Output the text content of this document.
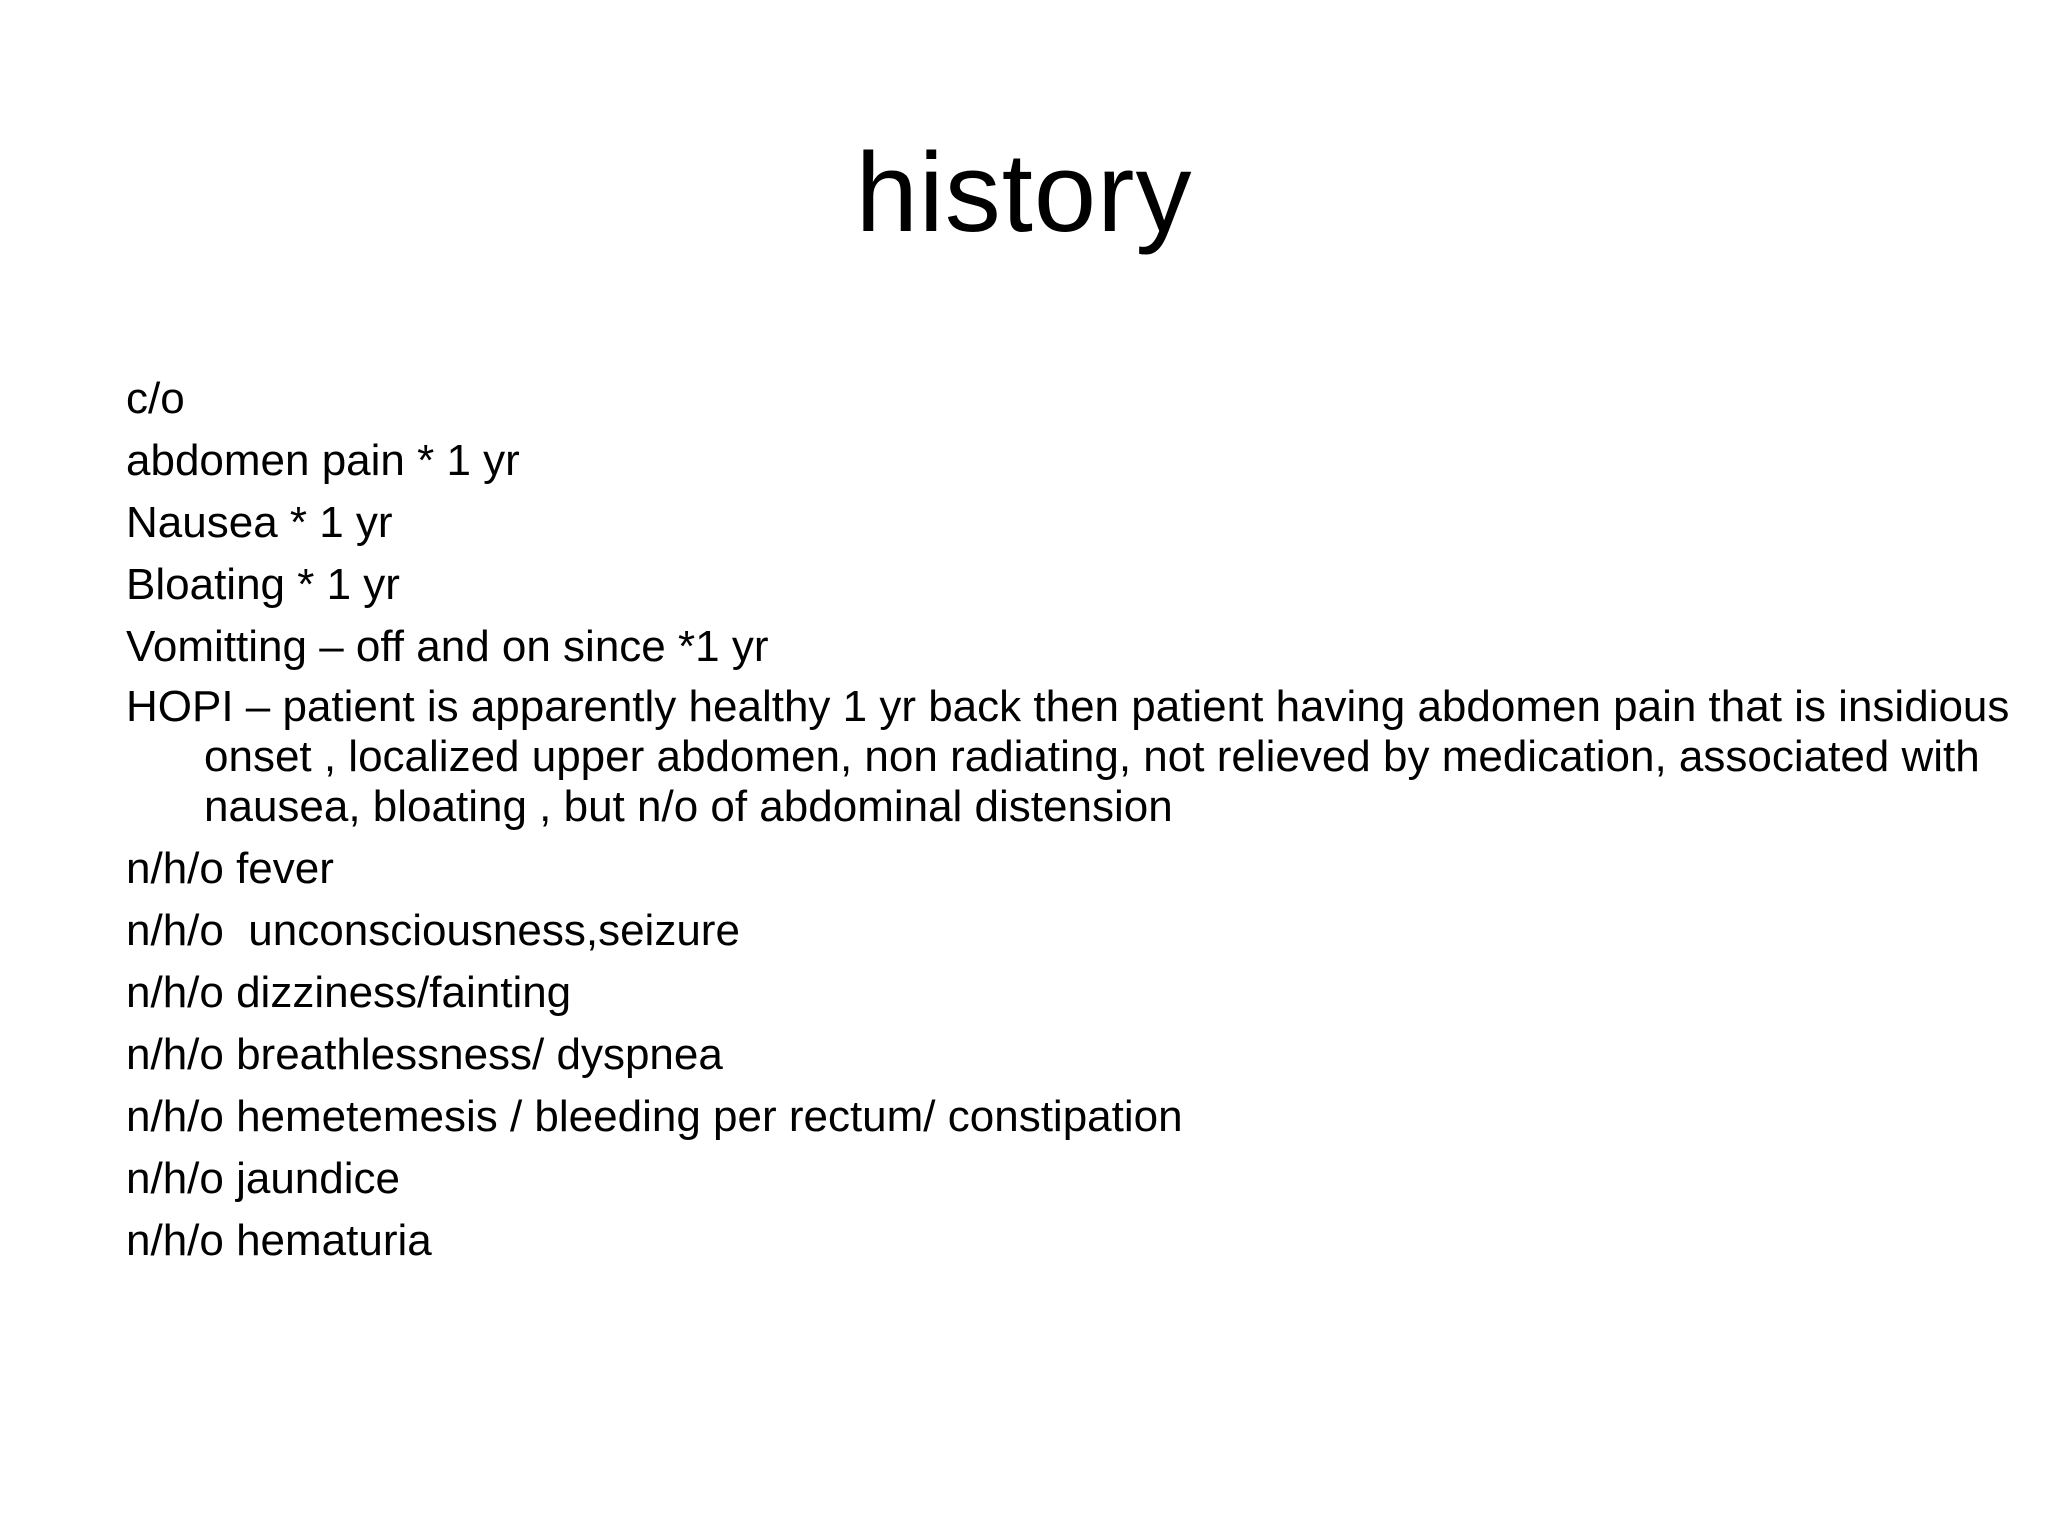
history
c/o
abdomen pain * 1 yr
Nausea * 1 yr
Bloating * 1 yr
Vomitting – off and on since *1 yr
HOPI – patient is apparently healthy 1 yr back then patient having abdomen pain that is insidious onset , localized upper abdomen, non radiating, not relieved by medication, associated with nausea, bloating , but n/o of abdominal distension
n/h/o fever
n/h/o  unconsciousness,seizure
n/h/o dizziness/fainting
n/h/o breathlessness/ dyspnea
n/h/o hemetemesis / bleeding per rectum/ constipation
n/h/o jaundice
n/h/o hematuria
